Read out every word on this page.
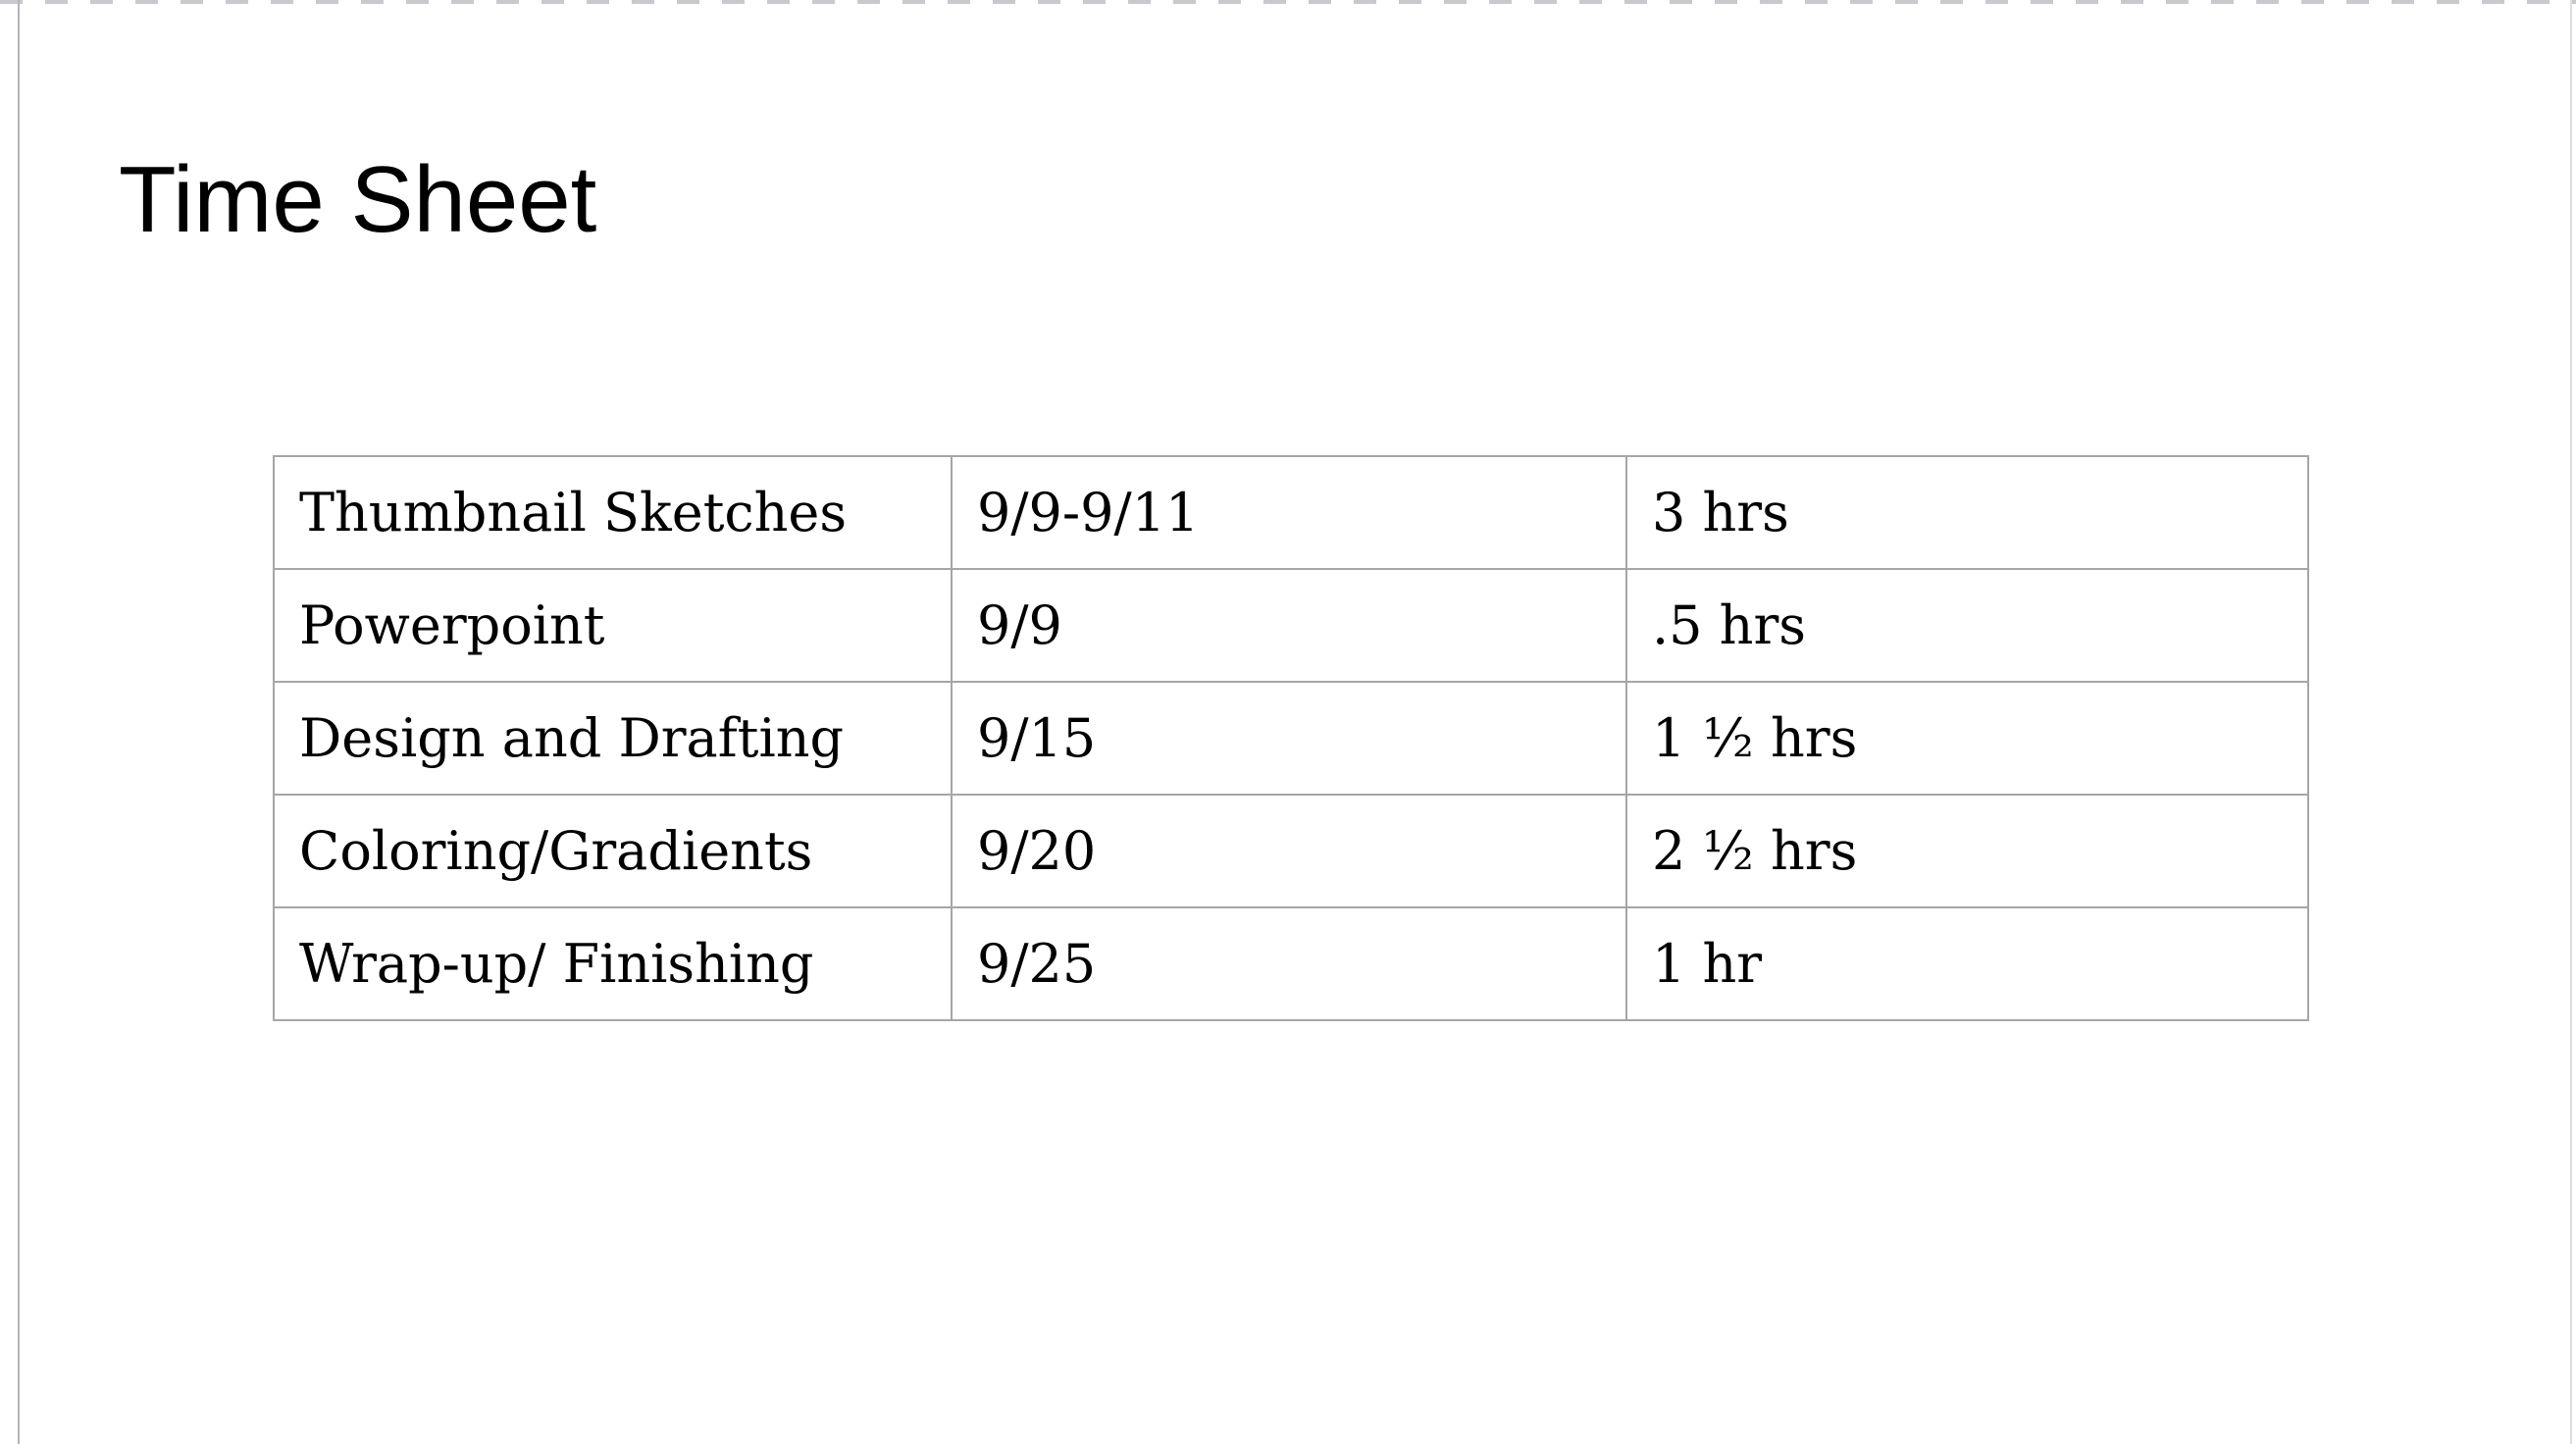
Time Sheet
Thumbnail Sketches	9/9-9/11	3 hrs
Powerpoint	9/9	.5 hrs
Design and Drafting	9/15	1 ½ hrs
Coloring/Gradients	9/20	2 ½ hrs
Wrap-up/ Finishing	9/25	1 hr
